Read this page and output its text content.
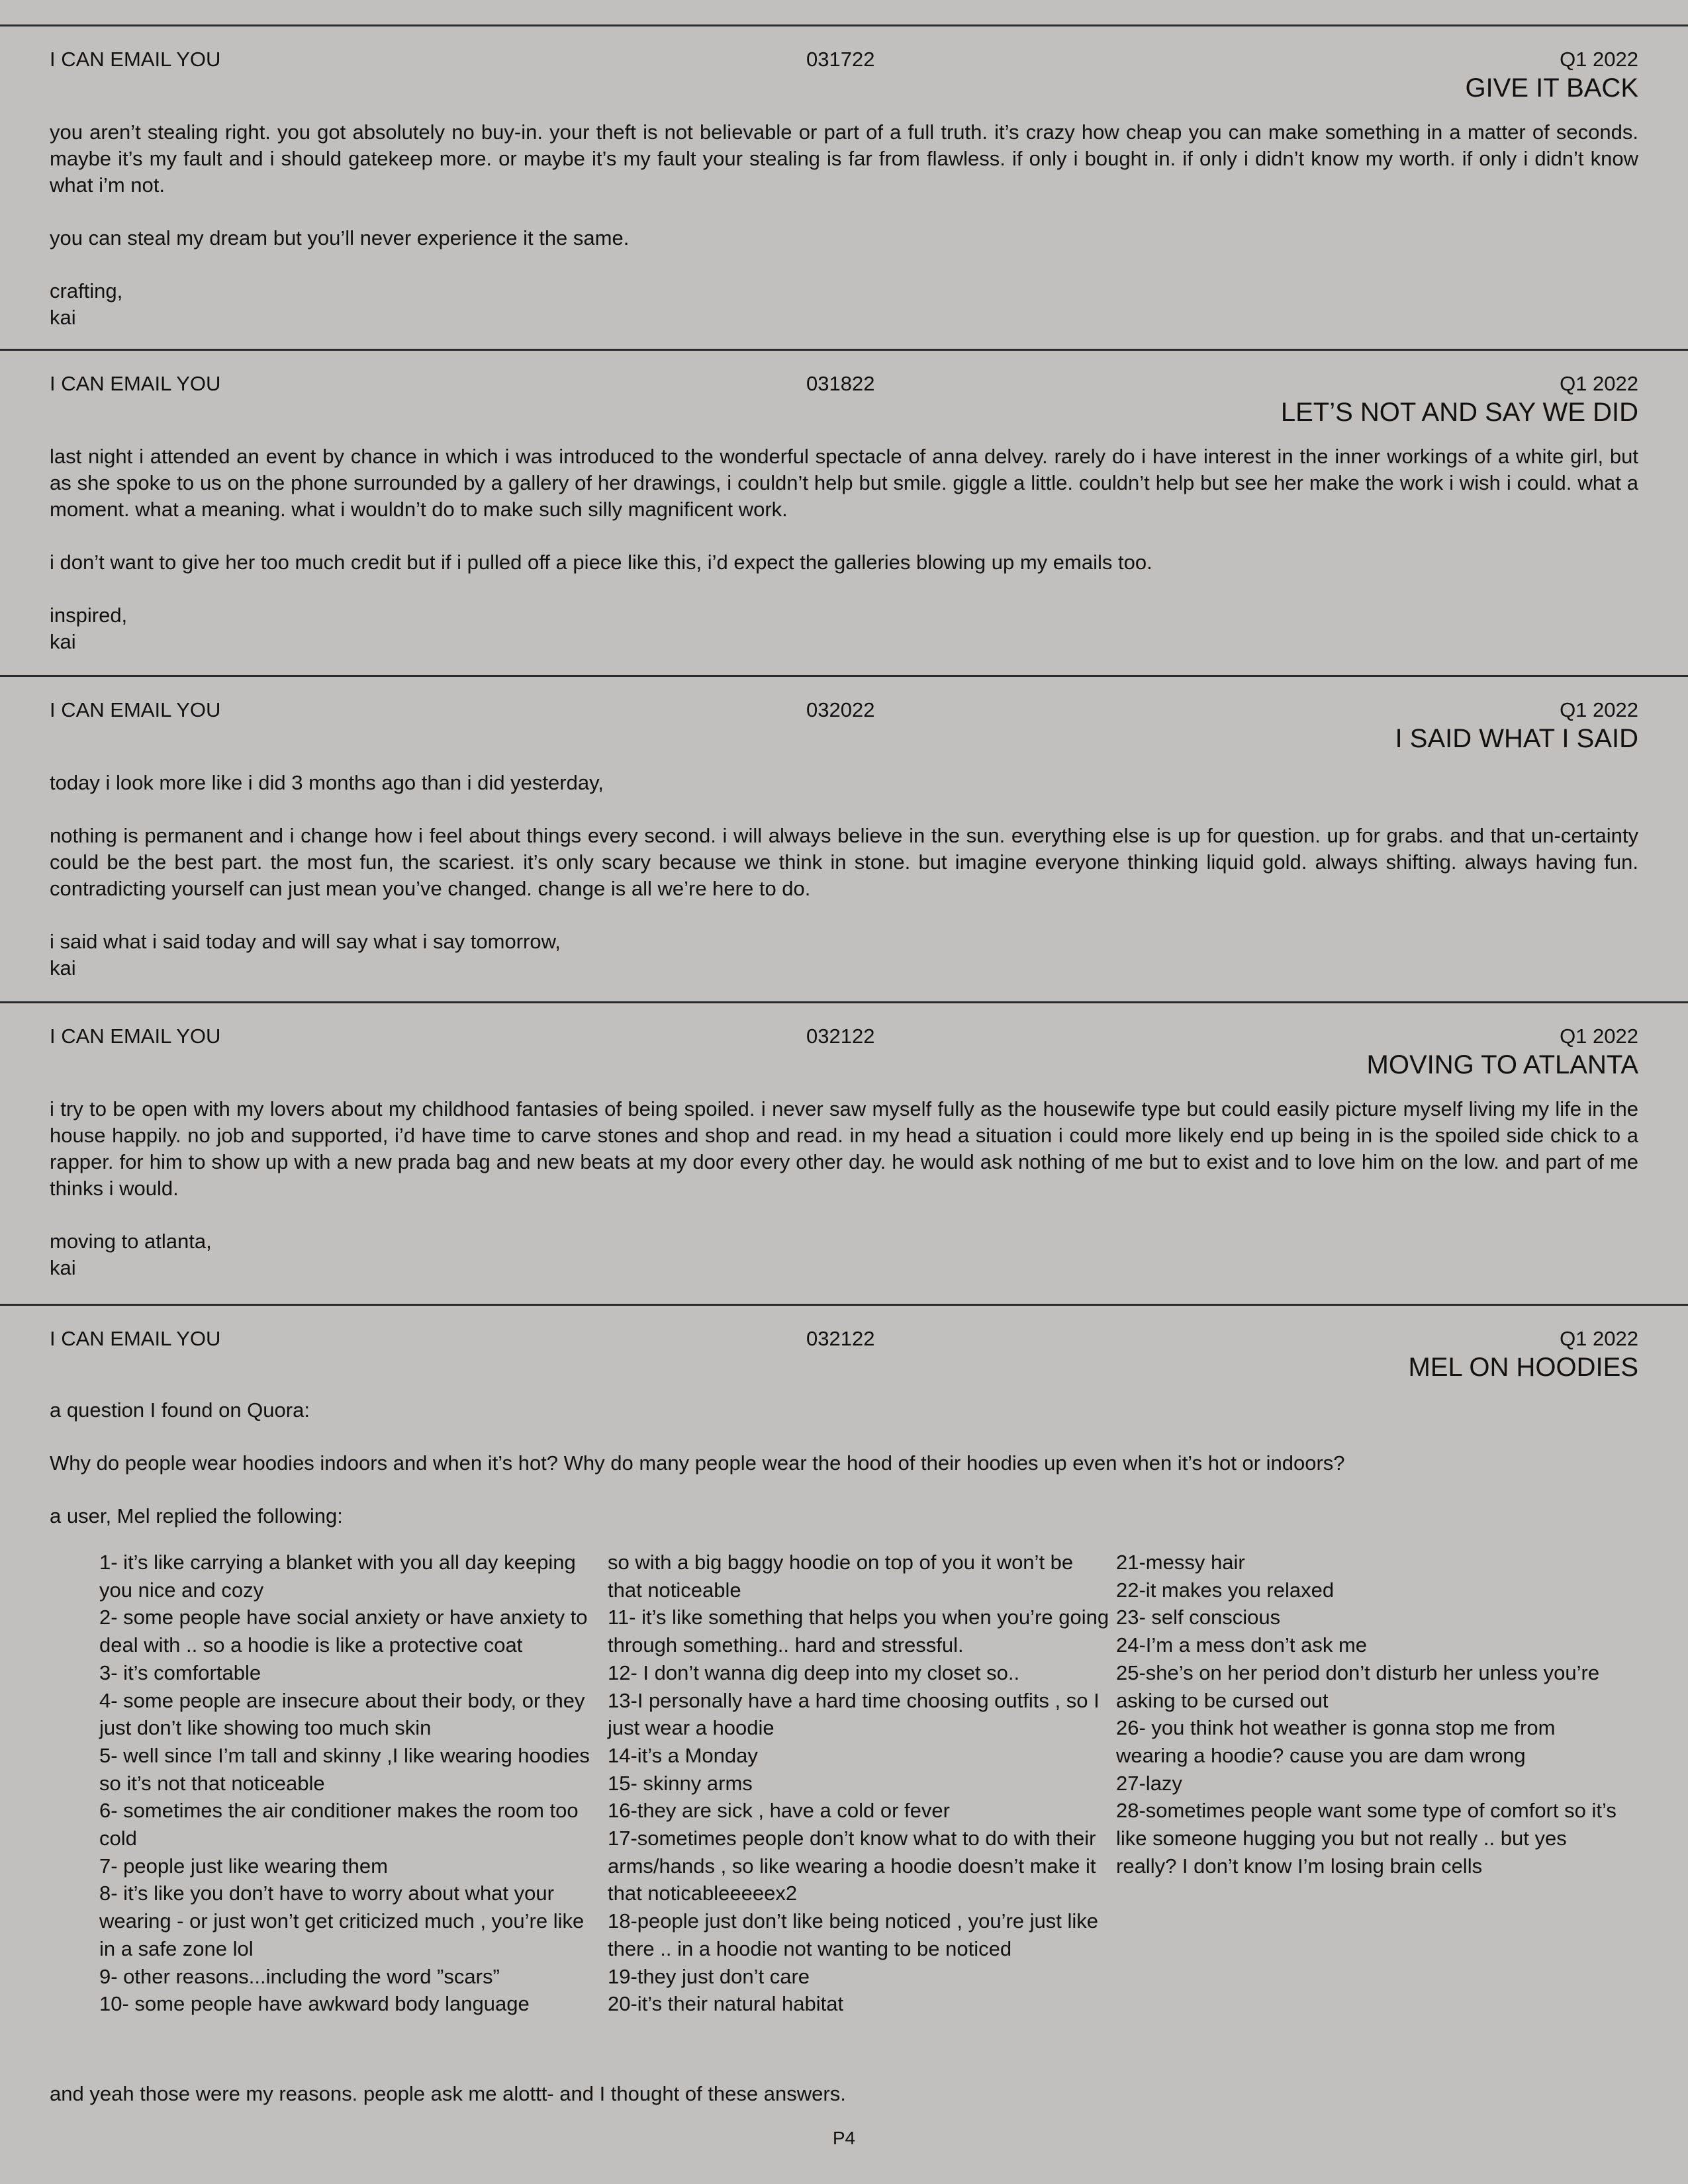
I CAN EMAIL YOU	031722	Q1 2022
GIVE IT BACK

you aren’t stealing right. you got absolutely no buy-in. your theft is not believable or part of a full truth. it’s crazy how cheap you can make something in a matter of seconds. maybe it’s my fault and i should gatekeep more. or maybe it’s my fault your stealing is far from flawless. if only i bought in. if only i didn’t know my worth. if only i didn’t know what i’m not.

you can steal my dream but you’ll never experience it the same.

crafting,

kai

I CAN EMAIL YOU	031822	Q1 2022
LET’S NOT AND SAY WE DID

last night i attended an event by chance in which i was introduced to the wonderful spectacle of anna delvey. rarely do i have interest in the inner workings of a white girl, but as she spoke to us on the phone surrounded by a gallery of her drawings, i couldn’t help but smile. giggle a little. couldn’t help but see her make the work i wish i could. what a moment. what a meaning. what i wouldn’t do to make such silly magnificent work.

i don’t want to give her too much credit but if i pulled off a piece like this, i’d expect the galleries blowing up my emails too.

inspired,

kai

I CAN EMAIL YOU	032022	Q1 2022
I SAID WHAT I SAID

today i look more like i did 3 months ago than i did yesterday,

nothing is permanent and i change how i feel about things every second. i will always believe in the sun. everything else is up for question. up for grabs. and that un-certainty could be the best part. the most fun, the scariest. it’s only scary because we think in stone. but imagine everyone thinking liquid gold. always shifting. always having fun. contradicting yourself can just mean you’ve changed. change is all we’re here to do.

i said what i said today and will say what i say tomorrow,

kai

I CAN EMAIL YOU	032122	Q1 2022
MOVING TO ATLANTA

i try to be open with my lovers about my childhood fantasies of being spoiled. i never saw myself fully as the housewife type but could easily picture myself living my life in the house happily. no job and supported, i’d have time to carve stones and shop and read. in my head a situation i could more likely end up being in is the spoiled side chick to a rapper. for him to show up with a new prada bag and new beats at my door every other day. he would ask nothing of me but to exist and to love him on the low. and part of me thinks i would.

moving to atlanta,

kai

I CAN EMAIL YOU	032122	Q1 2022
MEL ON HOODIES
a question I found on Quora:
Why do people wear hoodies indoors and when it’s hot? Why do many people wear the hood of their hoodies up even when it’s hot or indoors?
a user, Mel replied the following:
1- it’s like carrying a blanket with you all day keeping you nice and cozy
2- some people have social anxiety or have anxiety to deal with .. so a hoodie is like a protective coat
3- it’s comfortable
4- some people are insecure about their body, or they just don’t like showing too much skin
5- well since I’m tall and skinny ,I like wearing hoodies so it’s not that noticeable
6- sometimes the air conditioner makes the room too cold
7- people just like wearing them
8- it’s like you don’t have to worry about what your wearing - or just won’t get criticized much , you’re like in a safe zone lol
9- other reasons...including the word ”scars”
10- some people have awkward body language
so with a big baggy hoodie on top of you it won’t be that noticeable
11- it’s like something that helps you when you’re going through something.. hard and stressful.
12- I don’t wanna dig deep into my closet so..
13-I personally have a hard time choosing outfits , so I just wear a hoodie
14-it’s a Monday
15- skinny arms
16-they are sick , have a cold or fever
17-sometimes people don’t know what to do with their arms/hands , so like wearing a hoodie doesn’t make it that noticableeeeex2
18-people just don’t like being noticed , you’re just like there .. in a hoodie not wanting to be noticed
19-they just don’t care
20-it’s their natural habitat
21-messy hair
22-it makes you relaxed
23- self conscious
24-I’m a mess don’t ask me
25-she’s on her period don’t disturb her unless you’re asking to be cursed out
26- you think hot weather is gonna stop me from wearing a hoodie? cause you are dam wrong
27-lazy
28-sometimes people want some type of comfort so it’s like someone hugging you but not really .. but yes really? I don’t know I’m losing brain cells
and yeah those were my reasons. people ask me alottt- and I thought of these answers.
P4
